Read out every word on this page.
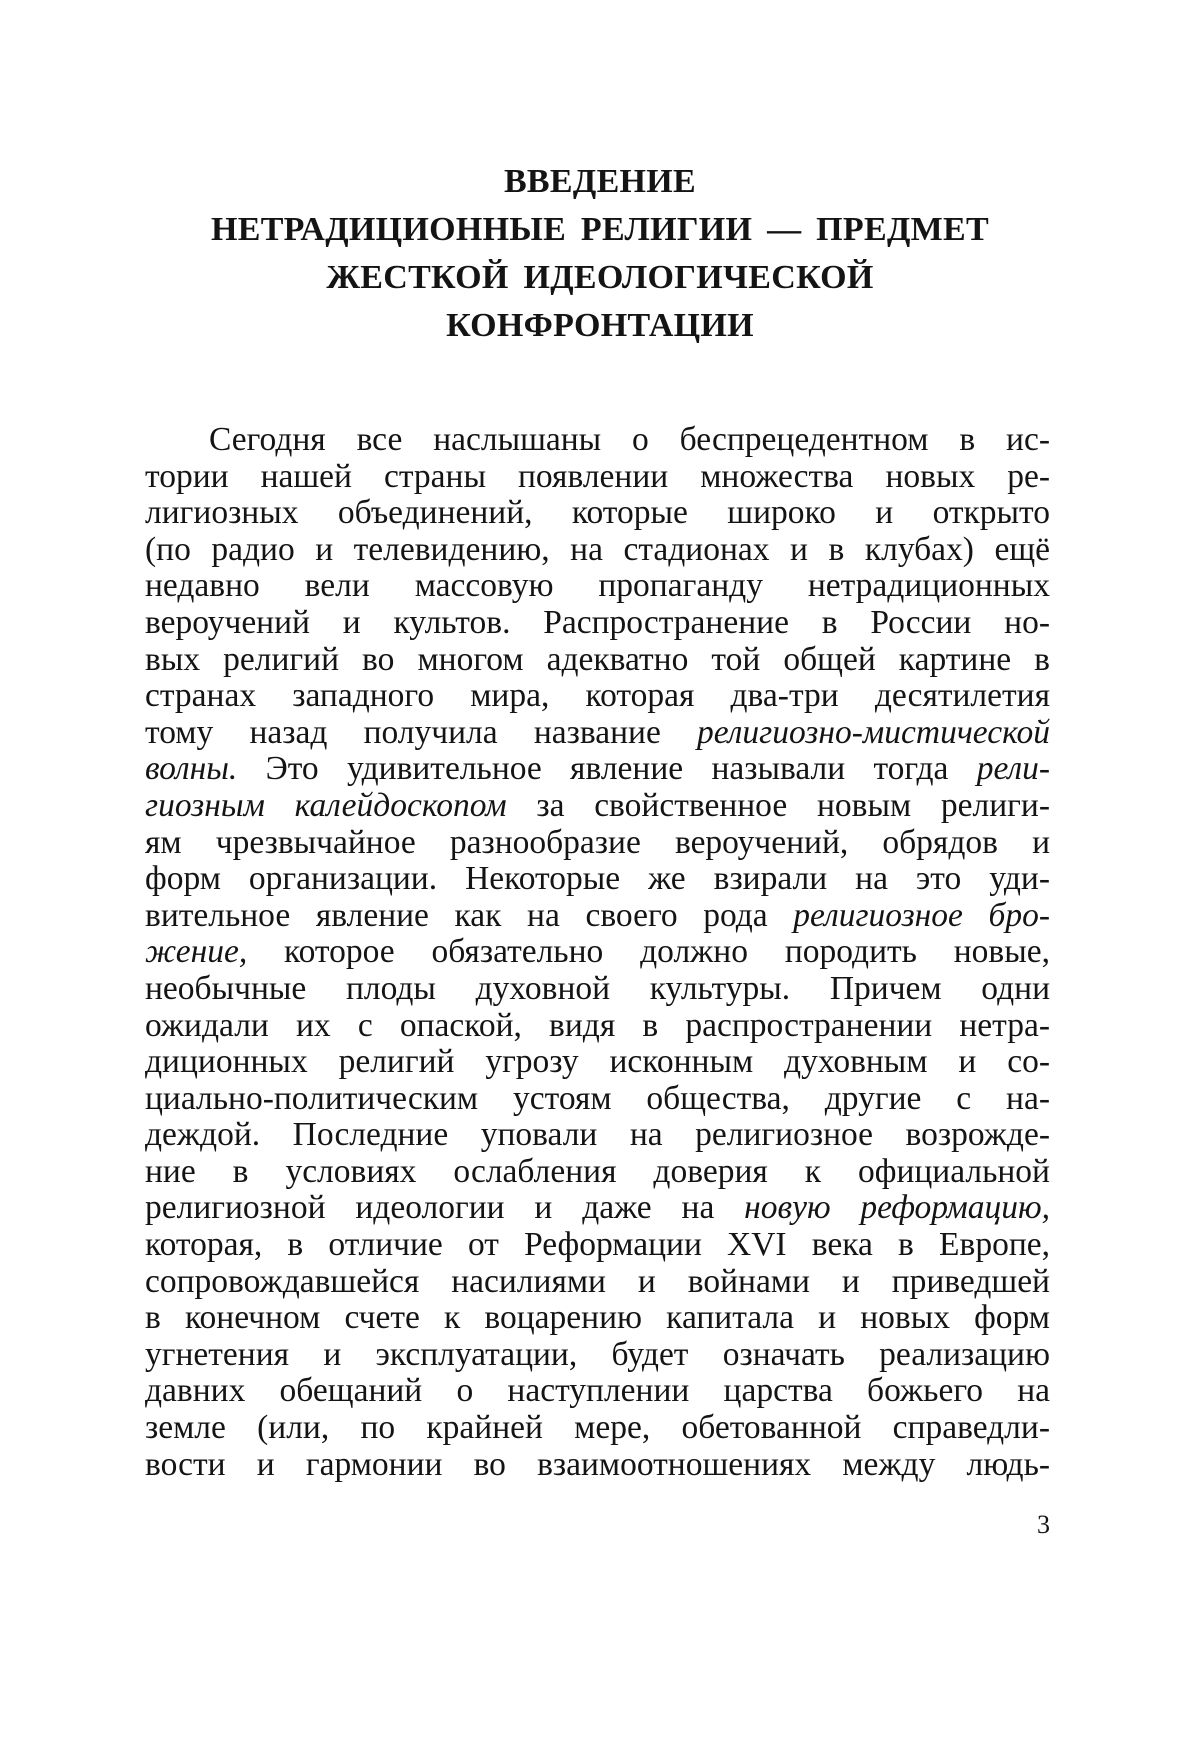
ВВЕДЕНИЕ
НЕТРАДИЦИОННЫЕ РЕЛИГИИ — ПРЕДМЕТ
ЖЕСТКОЙ ИДЕОЛОГИЧЕСКОЙ
КОНФРОНТАЦИИ
Сегодня все наслышаны о беспрецедентном в ис-
тории нашей страны появлении множества новых ре-
лигиозных объединений, которые широко и открыто
(по радио и телевидению, на стадионах и в клубах) ещё
недавно вели массовую пропаганду нетрадиционных
вероучений и культов. Распространение в России но-
вых религий во многом адекватно той общей картине в
странах западного мира, которая два-три десятилетия
тому назад получила название религиозно-мистической
волны. Это удивительное явление называли тогда рели-
гиозным калейдоскопом за свойственное новым религи-
ям чрезвычайное разнообразие вероучений, обрядов и
форм организации. Некоторые же взирали на это уди-
вительное явление как на своего рода религиозное бро-
жение, которое обязательно должно породить новые,
необычные плоды духовной культуры. Причем одни
ожидали их с опаской, видя в распространении нетра-
диционных религий угрозу исконным духовным и со-
циально-политическим устоям общества, другие с на-
деждой. Последние уповали на религиозное возрожде-
ние в условиях ослабления доверия к официальной
религиозной идеологии и даже на новую реформацию,
которая, в отличие от Реформации XVI века в Европе,
сопровождавшейся насилиями и войнами и приведшей
в конечном счете к воцарению капитала и новых форм
угнетения и эксплуатации, будет означать реализацию
давних обещаний о наступлении царства божьего на
земле (или, по крайней мере, обетованной справедли-
вости и гармонии во взаимоотношениях между людь-
3
